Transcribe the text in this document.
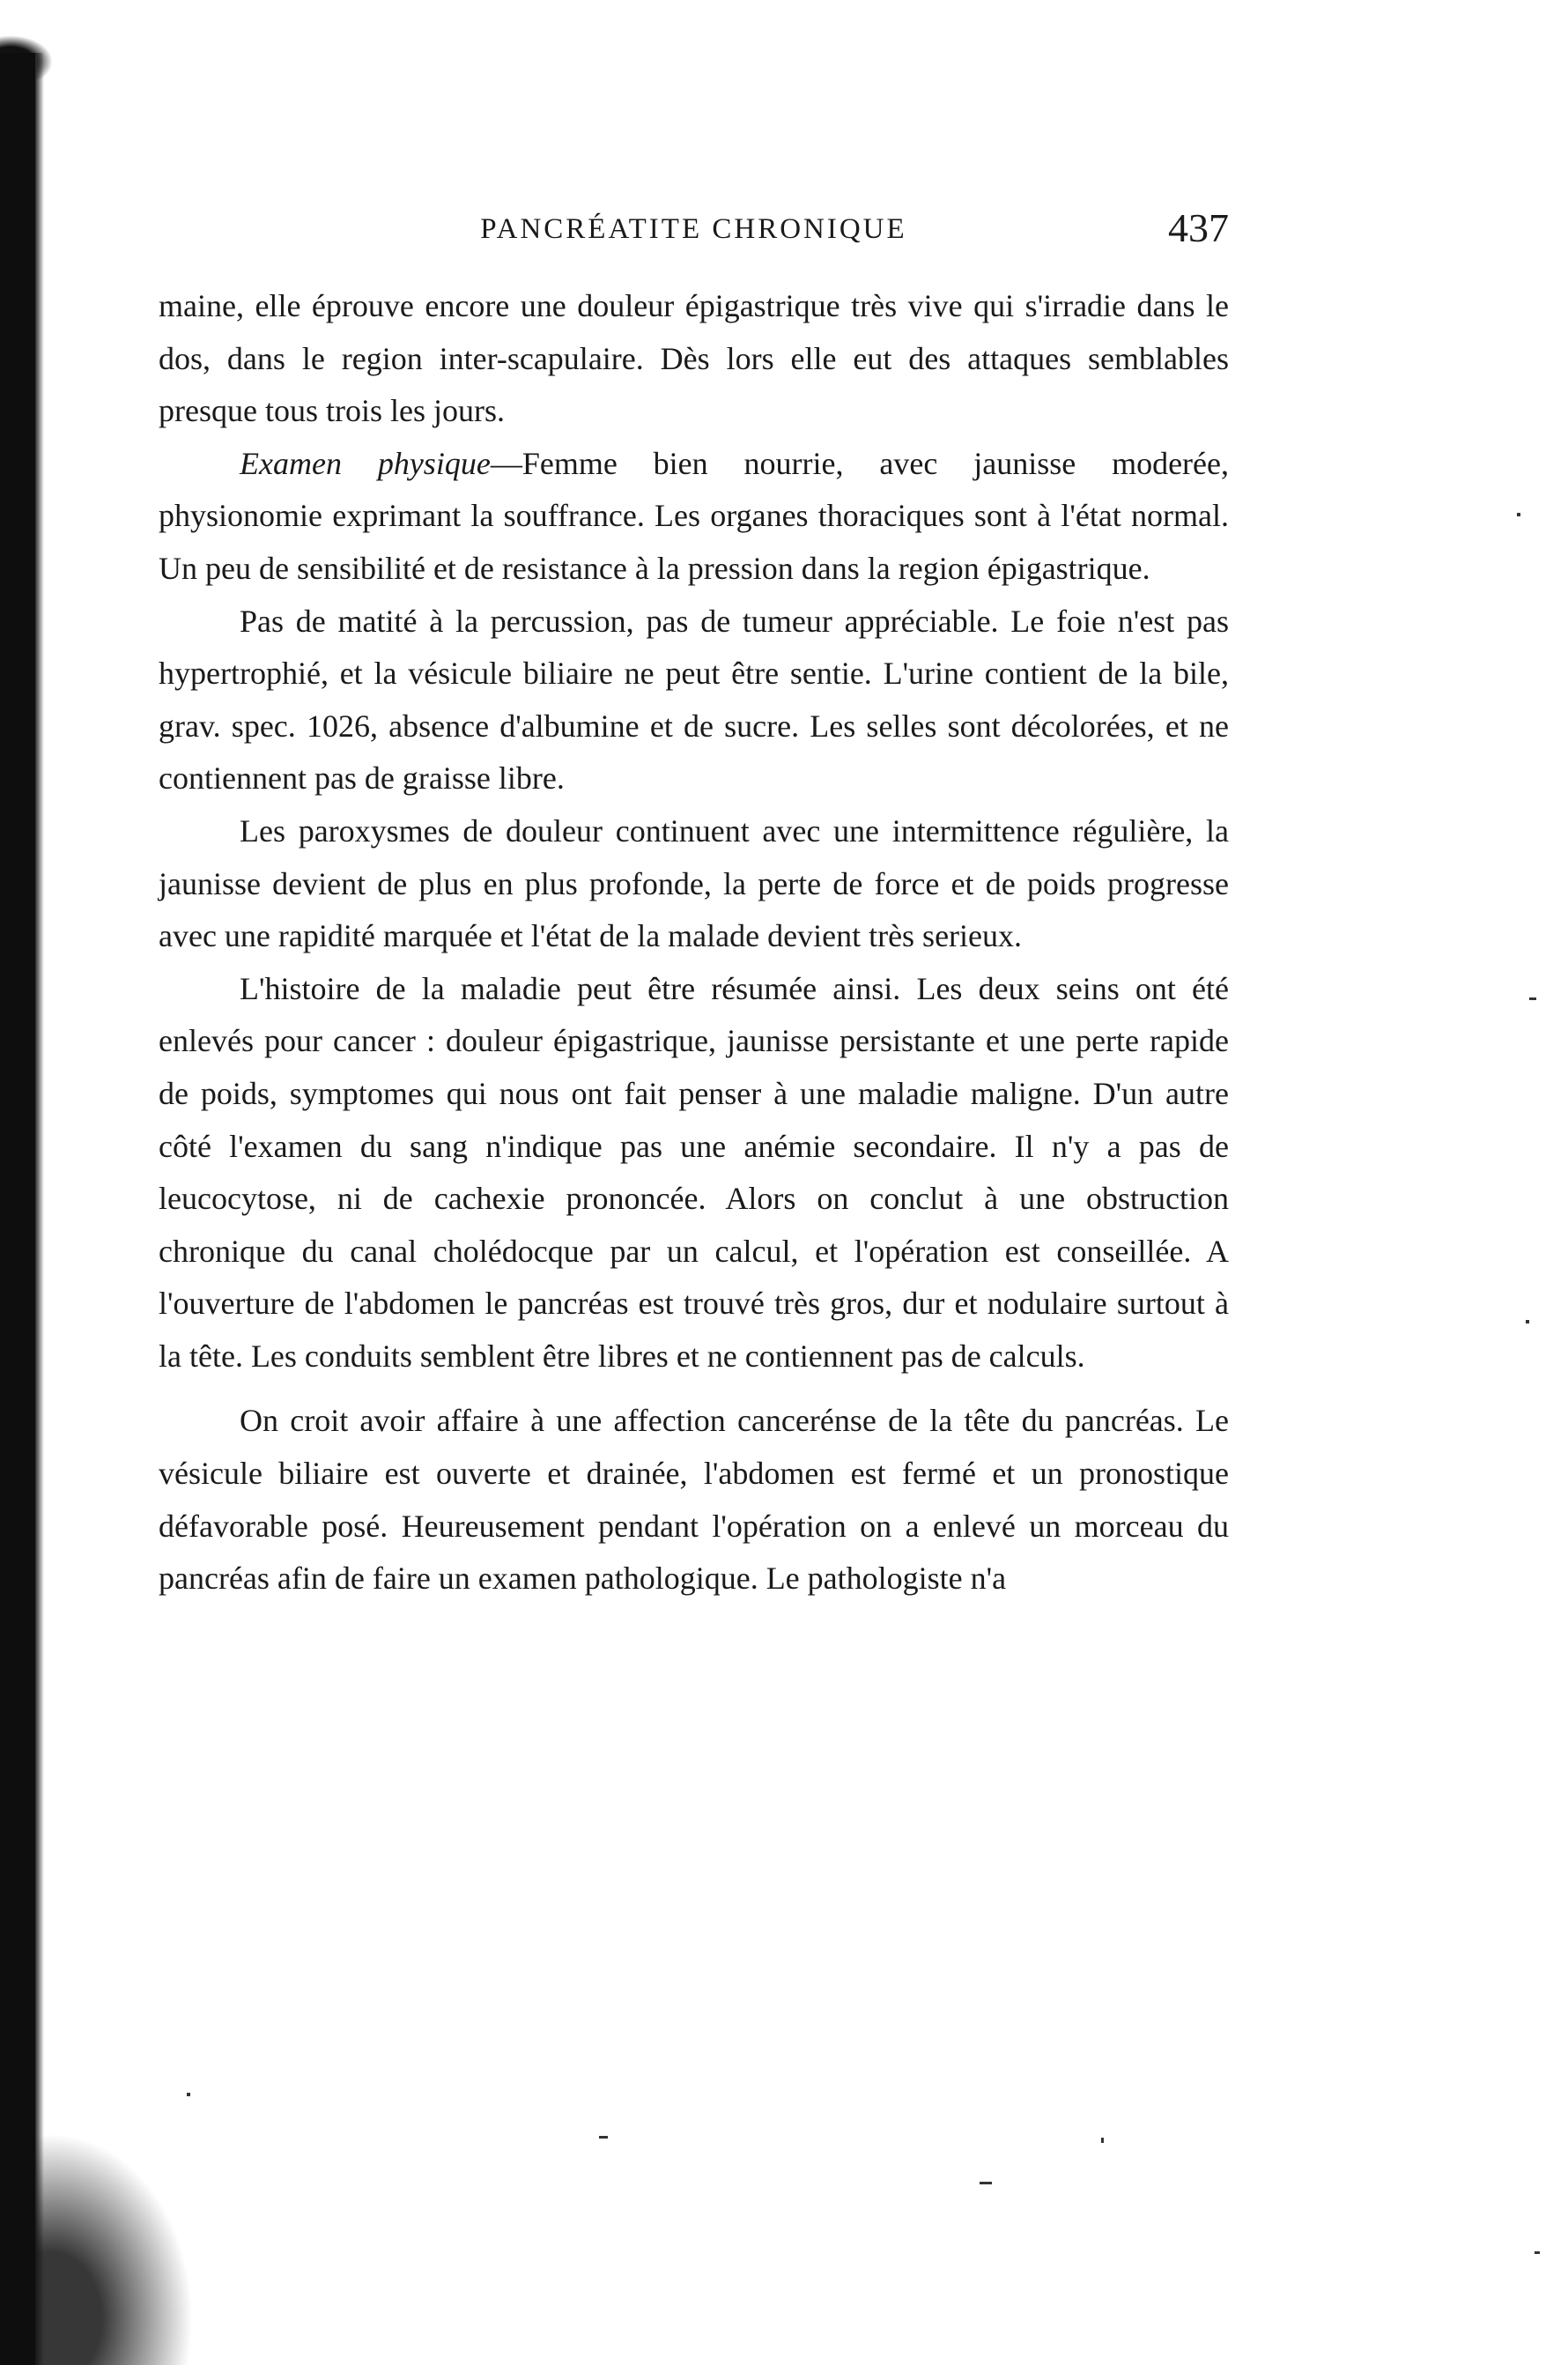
PANCRÉATITE CHRONIQUE	437

maine, elle éprouve encore une douleur épigastrique très vive qui s'irradie dans le dos, dans le region inter-scapulaire. Dès lors elle eut des attaques semblables presque tous trois les jours.

Examen physique—Femme bien nourrie, avec jaunisse moderée, physionomie exprimant la souffrance. Les organes thoraciques sont à l'état normal. Un peu de sensibilité et de resistance à la pression dans la region épigastrique.

Pas de matité à la percussion, pas de tumeur appréciable. Le foie n'est pas hypertrophié, et la vésicule biliaire ne peut être sentie. L'urine contient de la bile, grav. spec. 1026, absence d'albumine et de sucre. Les selles sont décolorées, et ne contiennent pas de graisse libre.

Les paroxysmes de douleur continuent avec une intermittence régulière, la jaunisse devient de plus en plus profonde, la perte de force et de poids progresse avec une rapidité marquée et l'état de la malade devient très serieux.

L'histoire de la maladie peut être résumée ainsi. Les deux seins ont été enlevés pour cancer : douleur épigastrique, jaunisse persistante et une perte rapide de poids, symptomes qui nous ont fait penser à une maladie maligne. D'un autre côté l'examen du sang n'indique pas une anémie secondaire. Il n'y a pas de leucocytose, ni de cachexie prononcée. Alors on conclut à une obstruction chronique du canal cholédocque par un calcul, et l'opération est conseillée. A l'ouverture de l'abdomen le pancréas est trouvé très gros, dur et nodulaire surtout à la tête. Les conduits semblent être libres et ne contiennent pas de calculs.

On croit avoir affaire à une affection cancerénse de la tête du pancréas. Le vésicule biliaire est ouverte et drainée, l'abdomen est fermé et un pronostique défavorable posé. Heureusement pendant l'opération on a enlevé un morceau du pancréas afin de faire un examen pathologique. Le pathologiste n'a
